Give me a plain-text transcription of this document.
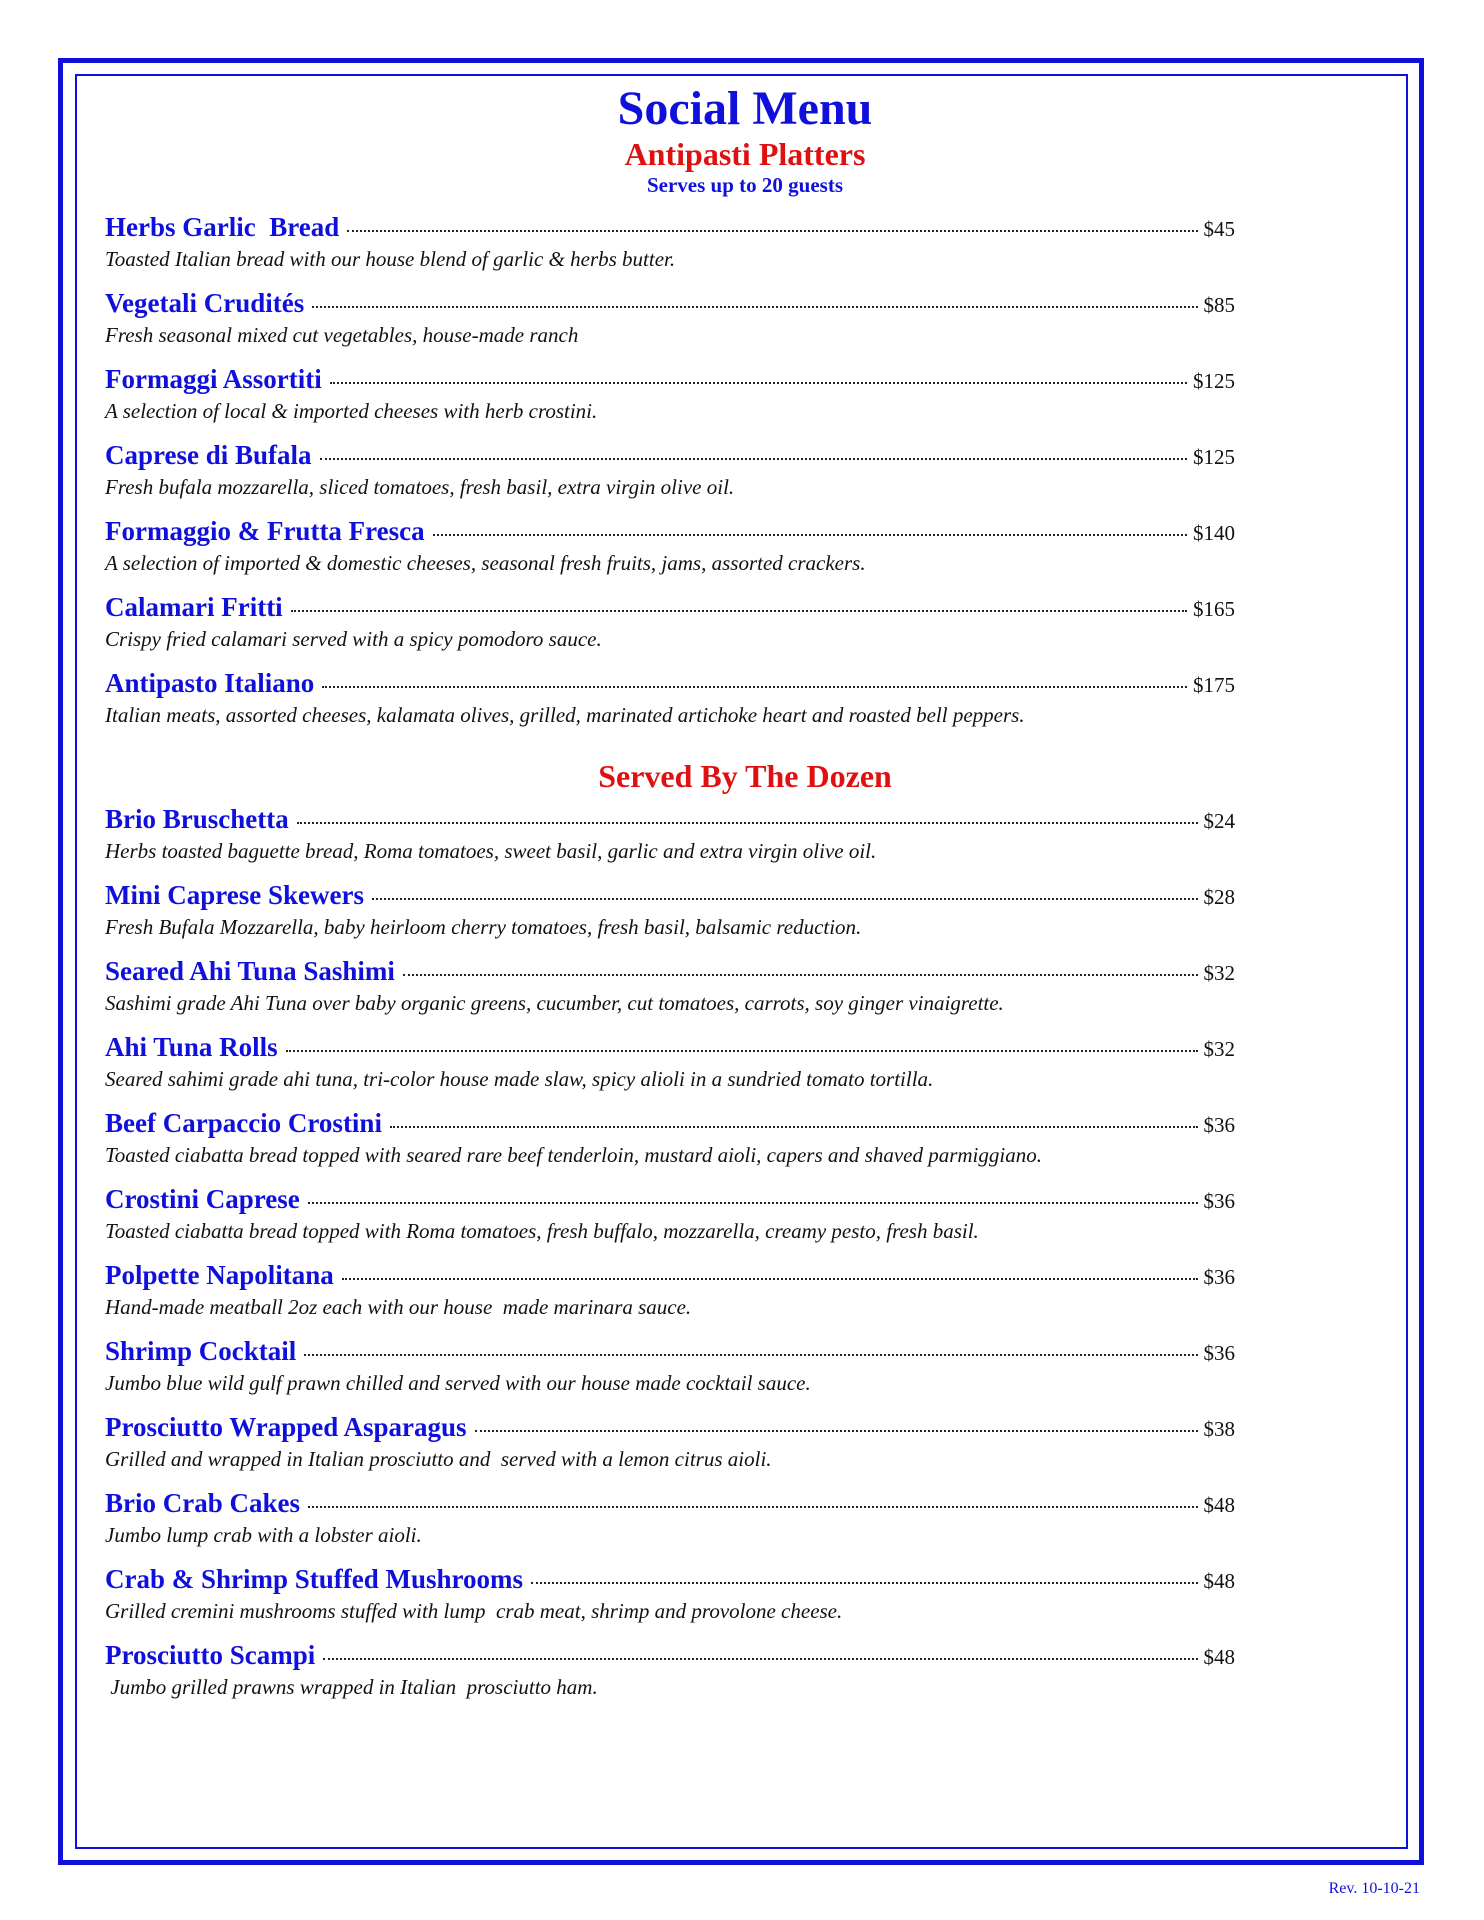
Social Menu
Antipasti Platters
Serves up to 20 guests
Herbs Garlic  Bread	$45
Toasted Italian bread with our house blend of garlic & herbs butter.
Vegetali Crudités	$85
Fresh seasonal mixed cut vegetables, house-made ranch
Formaggi Assortiti	$125
A selection of local & imported cheeses with herb crostini.
Caprese di Bufala	$125
Fresh bufala mozzarella, sliced tomatoes, fresh basil, extra virgin olive oil.
Formaggio & Frutta Fresca	$140
A selection of imported & domestic cheeses, seasonal fresh fruits, jams, assorted crackers.
Calamari Fritti	$165
Crispy fried calamari served with a spicy pomodoro sauce.
Antipasto Italiano	$175
Italian meats, assorted cheeses, kalamata olives, grilled, marinated artichoke heart and roasted bell peppers.
Served By The Dozen
Brio Bruschetta	$24
Herbs toasted baguette bread, Roma tomatoes, sweet basil, garlic and extra virgin olive oil.
Mini Caprese Skewers	$28
Fresh Bufala Mozzarella, baby heirloom cherry tomatoes, fresh basil, balsamic reduction.
Seared Ahi Tuna Sashimi	$32
Sashimi grade Ahi Tuna over baby organic greens, cucumber, cut tomatoes, carrots, soy ginger vinaigrette.
Ahi Tuna Rolls	$32
Seared sahimi grade ahi tuna, tri-color house made slaw, spicy alioli in a sundried tomato tortilla.
Beef Carpaccio Crostini	$36
Toasted ciabatta bread topped with seared rare beef tenderloin, mustard aioli, capers and shaved parmiggiano.
Crostini Caprese	$36
Toasted ciabatta bread topped with Roma tomatoes, fresh buffalo, mozzarella, creamy pesto, fresh basil.
Polpette Napolitana	$36
Hand-made meatball 2oz each with our house  made marinara sauce.
Shrimp Cocktail	$36
Jumbo blue wild gulf prawn chilled and served with our house made cocktail sauce.
Prosciutto Wrapped Asparagus	$38
Grilled and wrapped in Italian prosciutto and  served with a lemon citrus aioli.
Brio Crab Cakes	$48
Jumbo lump crab with a lobster aioli.
Crab & Shrimp Stuffed Mushrooms	$48
Grilled cremini mushrooms stuffed with lump  crab meat, shrimp and provolone cheese.
Prosciutto Scampi	$48
Jumbo grilled prawns wrapped in Italian  prosciutto ham.
Rev. 10-10-21
